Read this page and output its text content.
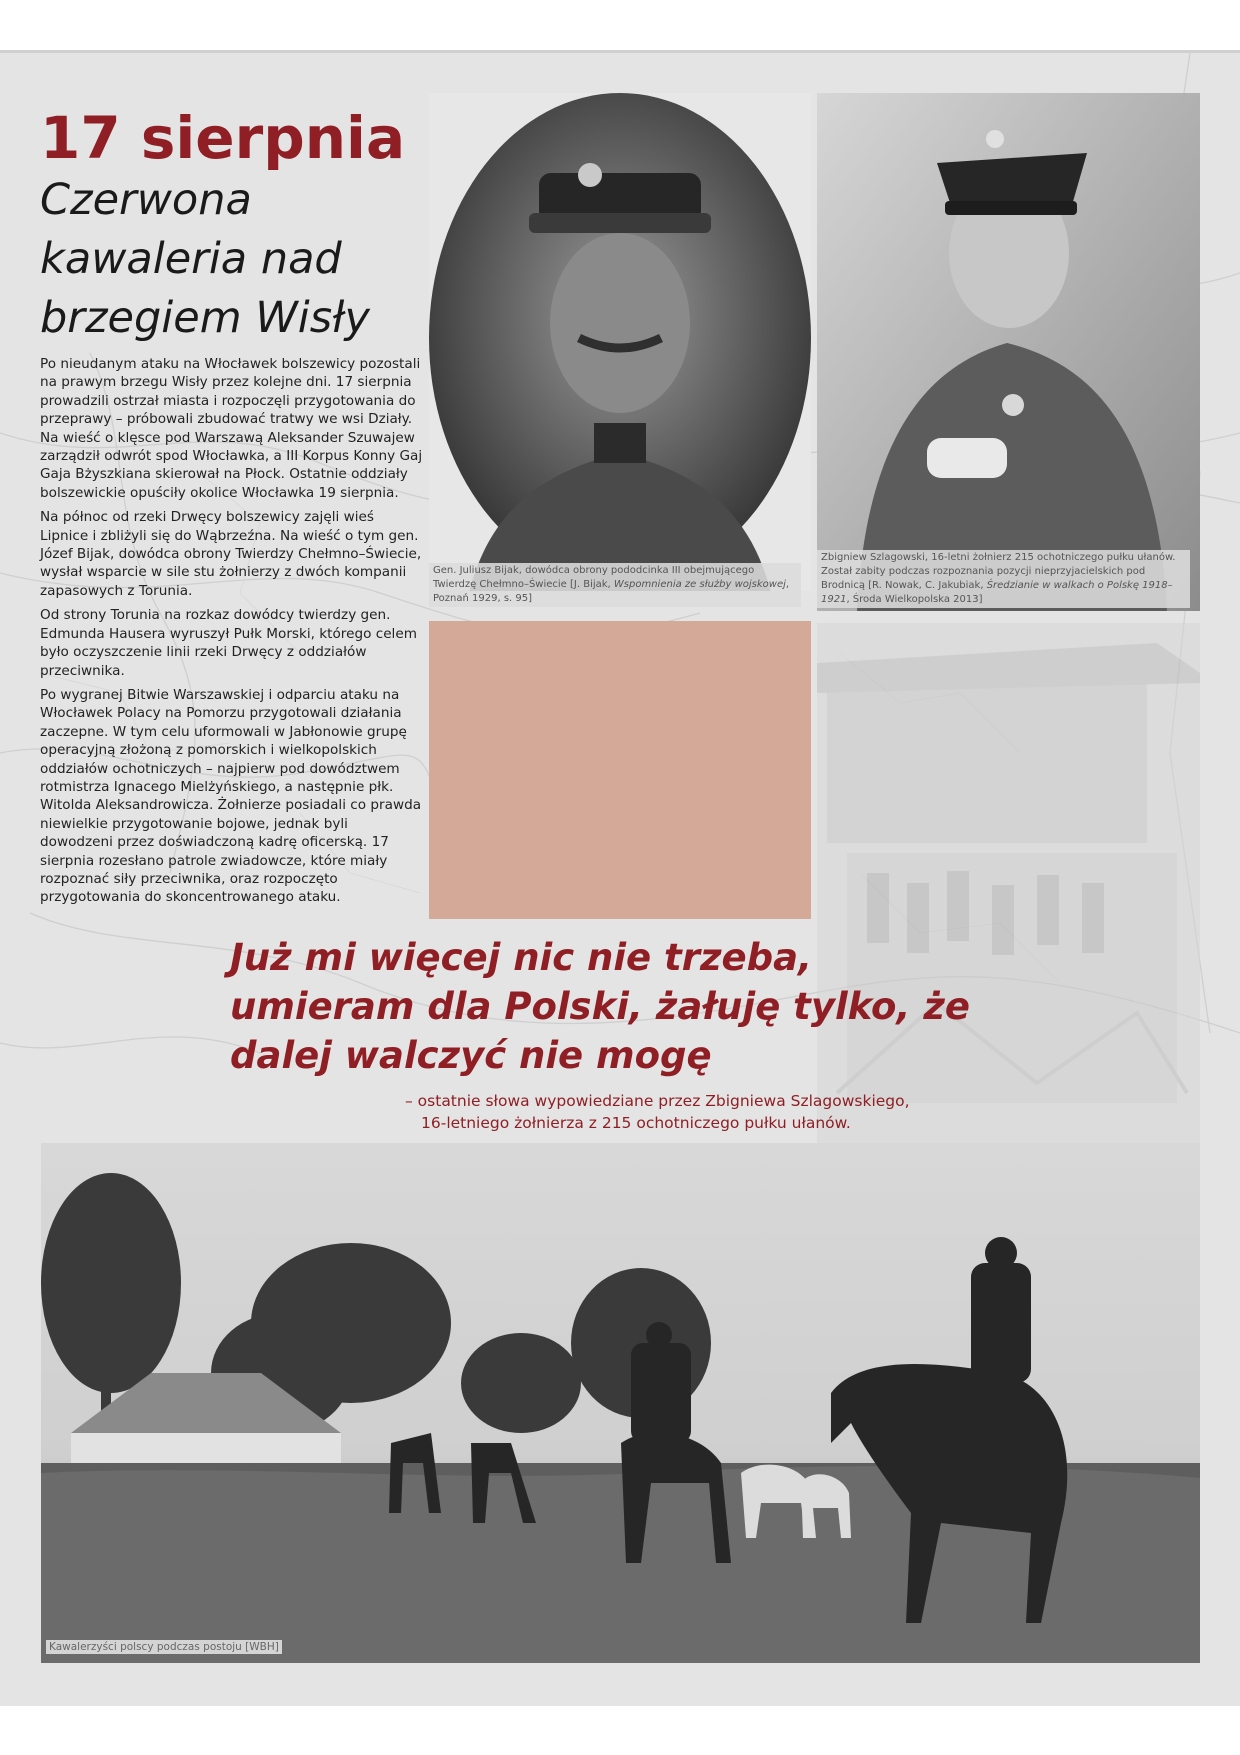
17 sierpnia
Czerwona kawaleria nad brzegiem Wisły

Po nieudanym ataku na Włocławek bolszewicy pozostali na prawym brzegu Wisły przez kolejne dni. 17 sierpnia prowadzili ostrzał miasta i rozpoczęli przygotowania do przeprawy – próbowali zbudować tratwy we wsi Działy. Na wieść o klęsce pod Warszawą Aleksander Szuwajew zarządził odwrót spod Włocławka, a III Korpus Konny Gaj Gaja Bżyszkiana skierował na Płock. Ostatnie oddziały bolszewickie opuściły okolice Włocławka 19 sierpnia.

Na północ od rzeki Drwęcy bolszewicy zajęli wieś Lipnice i zbliżyli się do Wąbrzeźna. Na wieść o tym gen. Józef Bijak, dowódca obrony Twierdzy Chełmno–Świecie, wysłał wsparcie w sile stu żołnierzy z dwóch kompanii zapasowych z Torunia.

Od strony Torunia na rozkaz dowódcy twierdzy gen. Edmunda Hausera wyruszył Pułk Morski, którego celem było oczyszczenie linii rzeki Drwęcy z oddziałów przeciwnika.

Po wygranej Bitwie Warszawskiej i odparciu ataku na Włocławek Polacy na Pomorzu przygotowali działania zaczepne. W tym celu uformowali w Jabłonowie grupę operacyjną złożoną z pomorskich i wielkopolskich oddziałów ochotniczych – najpierw pod dowództwem rotmistrza Ignacego Mielżyńskiego, a następnie płk. Witolda Aleksandrowicza. Żołnierze posiadali co prawda niewielkie przygotowanie bojowe, jednak byli dowodzeni przez doświadczoną kadrę oficerską. 17 sierpnia rozesłano patrole zwiadowcze, które miały rozpoznać siły przeciwnika, oraz rozpoczęto przygotowania do skoncentrowanego ataku.

Gen. Juliusz Bijak, dowódca obrony pododcinka III obejmującego Twierdzę Chełmno–Świecie [J. Bijak, Wspomnienia ze służby wojskowej, Poznań 1929, s. 95]
Zbigniew Szlagowski, 16-letni żołnierz 215 ochotniczego pułku ułanów. Został zabity podczas rozpoznania pozycji nieprzyjacielskich pod Brodnicą [R. Nowak, C. Jakubiak, Średzianie w walkach o Polskę 1918–1921, Środa Wielkopolska 2013]
Już mi więcej nic nie trzeba, umieram dla Polski, żałuję tylko, że dalej walczyć nie mogę
– ostatnie słowa wypowiedziane przez Zbigniewa Szlagowskiego,
16-letniego żołnierza z 215 ochotniczego pułku ułanów.
Kawalerzyści polscy podczas postoju [WBH]
